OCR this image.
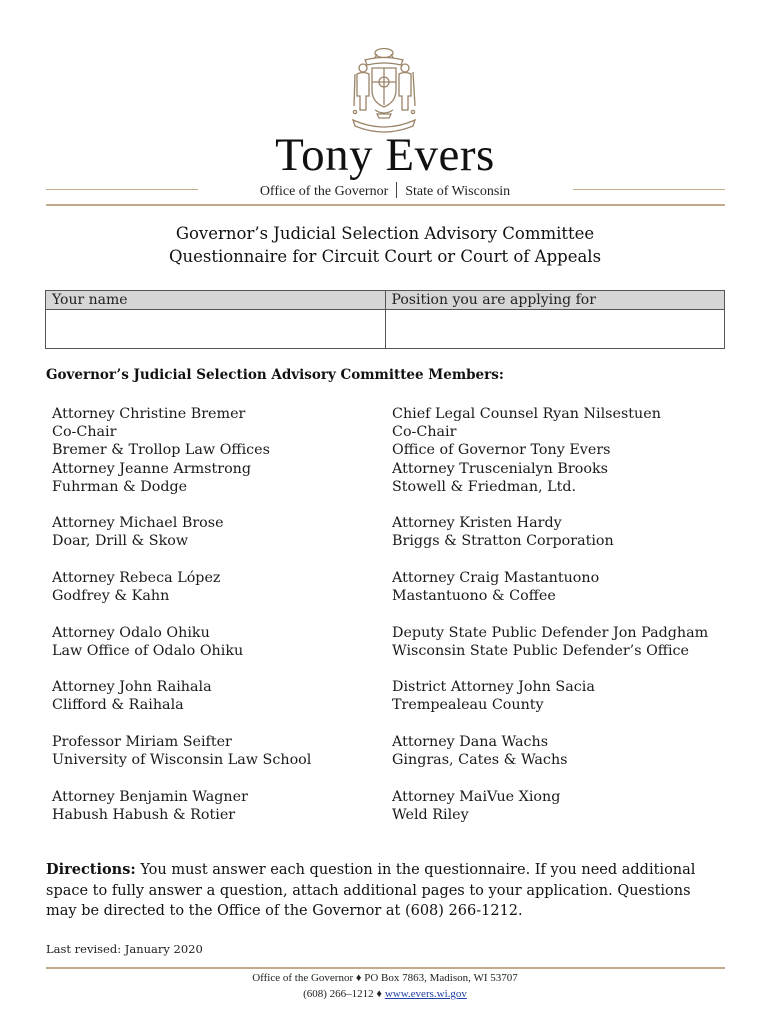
Tony Evers
Office of the Governor State of Wisconsin
Governor’s Judicial Selection Advisory Committee
Questionnaire for Circuit Court or Court of Appeals
Your name	Position you are applying for

Governor’s Judicial Selection Advisory Committee Members:
Attorney Christine Bremer
Co-Chair
Bremer & Trollop Law Offices
Chief Legal Counsel Ryan Nilsestuen
Co-Chair
Office of Governor Tony Evers
Attorney Jeanne Armstrong
Fuhrman & Dodge
Attorney Truscenialyn Brooks
Stowell & Friedman, Ltd.
Attorney Michael Brose
Doar, Drill & Skow
Attorney Kristen Hardy
Briggs & Stratton Corporation
Attorney Rebeca López
Godfrey & Kahn
Attorney Craig Mastantuono
Mastantuono & Coffee
Attorney Odalo Ohiku
Law Office of Odalo Ohiku
Deputy State Public Defender Jon Padgham
Wisconsin State Public Defender’s Office
Attorney John Raihala
Clifford & Raihala
District Attorney John Sacia
Trempealeau County
Professor Miriam Seifter
University of Wisconsin Law School
Attorney Dana Wachs
Gingras, Cates & Wachs
Attorney Benjamin Wagner
Habush Habush & Rotier
Attorney MaiVue Xiong
Weld Riley
Directions: You must answer each question in the questionnaire. If you need additional space to fully answer a question, attach additional pages to your application. Questions may be directed to the Office of the Governor at (608) 266-1212.
Last revised: January 2020
Office of the Governor ♦ PO Box 7863, Madison, WI 53707
(608) 266–1212 ♦ www.evers.wi.gov
